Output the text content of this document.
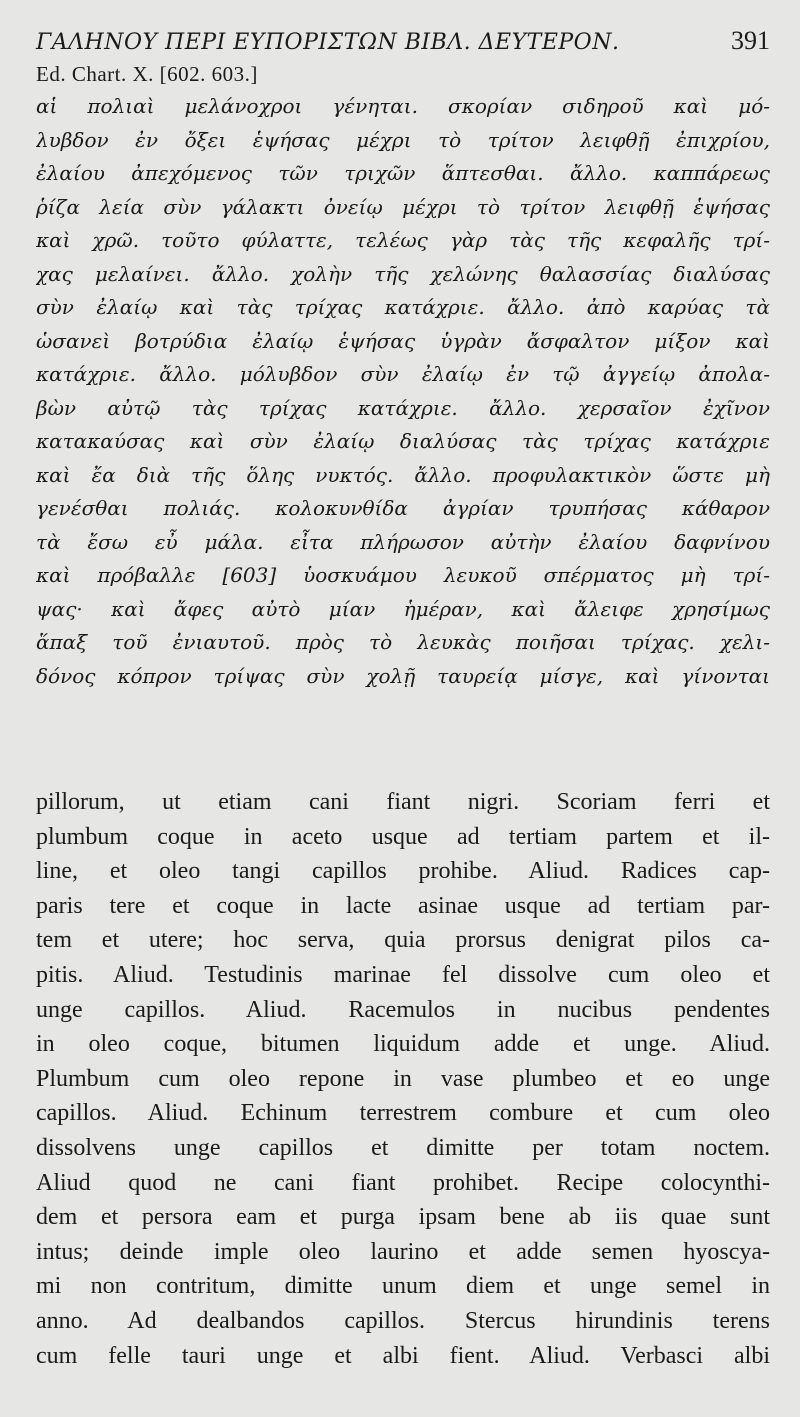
ΓΑΛΗΝΟΥ ΠΕΡΙ ΕΥΠΟΡΙΣΤΩΝ ΒΙΒΛ. ΔΕΥΤΕΡΟΝ.	391
Ed. Chart. X. [602. 603.]
αἱ πολιαὶ μελάνοχροι γένηται. σκορίαν σιδηροῦ καὶ μό-
λυβδον ἐν ὄξει ἑψήσας μέχρι τὸ τρίτον λειφθῇ ἐπιχρίου,
ἐλαίου ἀπεχόμενος τῶν τριχῶν ἅπτεσθαι. ἄλλο. καππάρεως
ῥίζα λεία σὺν γάλακτι ὀνείῳ μέχρι τὸ τρίτον λειφθῇ ἑψήσας
καὶ χρῶ. τοῦτο φύλαττε, τελέως γὰρ τὰς τῆς κεφαλῆς τρί-
χας μελαίνει. ἄλλο. χολὴν τῆς χελώνης θαλασσίας διαλύσας
σὺν ἐλαίῳ καὶ τὰς τρίχας κατάχριε. ἄλλο. ἀπὸ καρύας τὰ
ὡσανεὶ βοτρύδια ἐλαίῳ ἑψήσας ὑγρὰν ἄσφαλτον μίξον καὶ
κατάχριε. ἄλλο. μόλυβδον σὺν ἐλαίῳ ἐν τῷ ἀγγείῳ ἀπολα-
βὼν αὐτῷ τὰς τρίχας κατάχριε. ἄλλο. χερσαῖον ἐχῖνον
κατακαύσας καὶ σὺν ἐλαίῳ διαλύσας τὰς τρίχας κατάχριε
καὶ ἔα διὰ τῆς ὅλης νυκτός. ἄλλο. προφυλακτικὸν ὥστε μὴ
γενέσθαι πολιάς. κολοκυνθίδα ἀγρίαν τρυπήσας κάθαρον
τὰ ἔσω εὖ μάλα. εἶτα πλήρωσον αὐτὴν ἐλαίου δαφνίνου
καὶ πρόβαλλε [603] ὑοσκυάμου λευκοῦ σπέρματος μὴ τρί-
ψας· καὶ ἄφες αὐτὸ μίαν ἡμέραν, καὶ ἄλειφε χρησίμως
ἅπαξ τοῦ ἐνιαυτοῦ. πρὸς τὸ λευκὰς ποιῆσαι τρίχας. χελι-
δόνος κόπρον τρίψας σὺν χολῇ ταυρείᾳ μίσγε, καὶ γίνονται
pillorum, ut etiam cani fiant nigri. Scoriam ferri et
plumbum coque in aceto usque ad tertiam partem et il-
line, et oleo tangi capillos prohibe. Aliud. Radices cap-
paris tere et coque in lacte asinae usque ad tertiam par-
tem et utere; hoc serva, quia prorsus denigrat pilos ca-
pitis. Aliud. Testudinis marinae fel dissolve cum oleo et
unge capillos. Aliud. Racemulos in nucibus pendentes
in oleo coque, bitumen liquidum adde et unge. Aliud.
Plumbum cum oleo repone in vase plumbeo et eo unge
capillos. Aliud. Echinum terrestrem combure et cum oleo
dissolvens unge capillos et dimitte per totam noctem.
Aliud quod ne cani fiant prohibet. Recipe colocynthi-
dem et persora eam et purga ipsam bene ab iis quae sunt
intus; deinde imple oleo laurino et adde semen hyoscya-
mi non contritum, dimitte unum diem et unge semel in
anno. Ad dealbandos capillos. Stercus hirundinis terens
cum felle tauri unge et albi fient. Aliud. Verbasci albi
